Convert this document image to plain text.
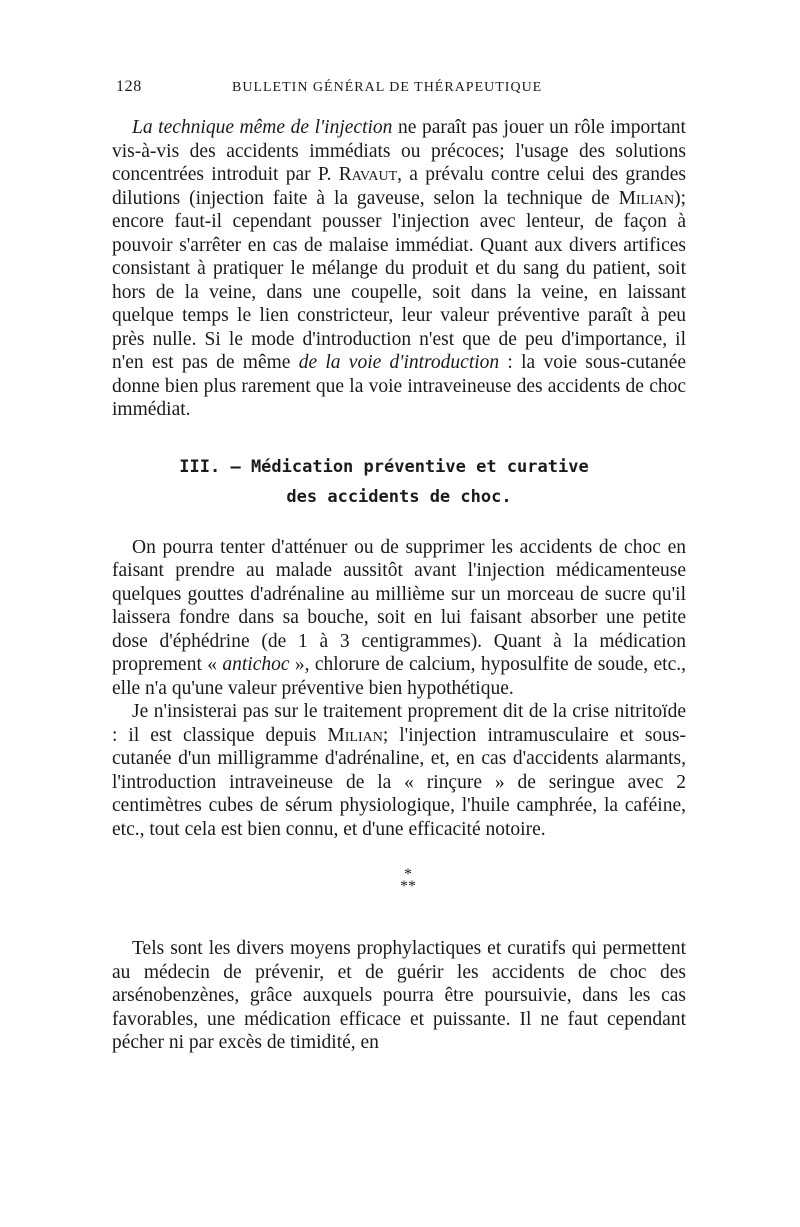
128	BULLETIN GÉNÉRAL DE THÉRAPEUTIQUE

La technique même de l'injection ne paraît pas jouer un rôle important vis-à-vis des accidents immédiats ou précoces; l'usage des solutions concentrées introduit par P. Ravaut, a prévalu contre celui des grandes dilutions (injection faite à la gaveuse, selon la technique de Milian); encore faut-il cependant pousser l'injection avec lenteur, de façon à pouvoir s'arrêter en cas de malaise immédiat. Quant aux divers artifices consistant à pratiquer le mélange du produit et du sang du patient, soit hors de la veine, dans une coupelle, soit dans la veine, en laissant quelque temps le lien constricteur, leur valeur préventive paraît à peu près nulle. Si le mode d'introduction n'est que de peu d'importance, il n'en est pas de même de la voie d'introduction : la voie sous-cutanée donne bien plus rarement que la voie intraveineuse des accidents de choc immédiat.

III. — Médication préventive et curative
des accidents de choc.

On pourra tenter d'atténuer ou de supprimer les accidents de choc en faisant prendre au malade aussitôt avant l'injection médicamenteuse quelques gouttes d'adrénaline au millième sur un morceau de sucre qu'il laissera fondre dans sa bouche, soit en lui faisant absorber une petite dose d'éphédrine (de 1 à 3 centigrammes). Quant à la médication proprement « antichoc », chlorure de calcium, hyposulfite de soude, etc., elle n'a qu'une valeur préventive bien hypothétique.

Je n'insisterai pas sur le traitement proprement dit de la crise nitritoïde : il est classique depuis Milian; l'injection intramusculaire et sous-cutanée d'un milligramme d'adrénaline, et, en cas d'accidents alarmants, l'introduction intraveineuse de la « rinçure » de seringue avec 2 centimètres cubes de sérum physiologique, l'huile camphrée, la caféine, etc., tout cela est bien connu, et d'une efficacité notoire.

*
**

Tels sont les divers moyens prophylactiques et curatifs qui permettent au médecin de prévenir, et de guérir les accidents de choc des arsénobenzènes, grâce auxquels pourra être poursuivie, dans les cas favorables, une médication efficace et puissante. Il ne faut cependant pécher ni par excès de timidité, en
